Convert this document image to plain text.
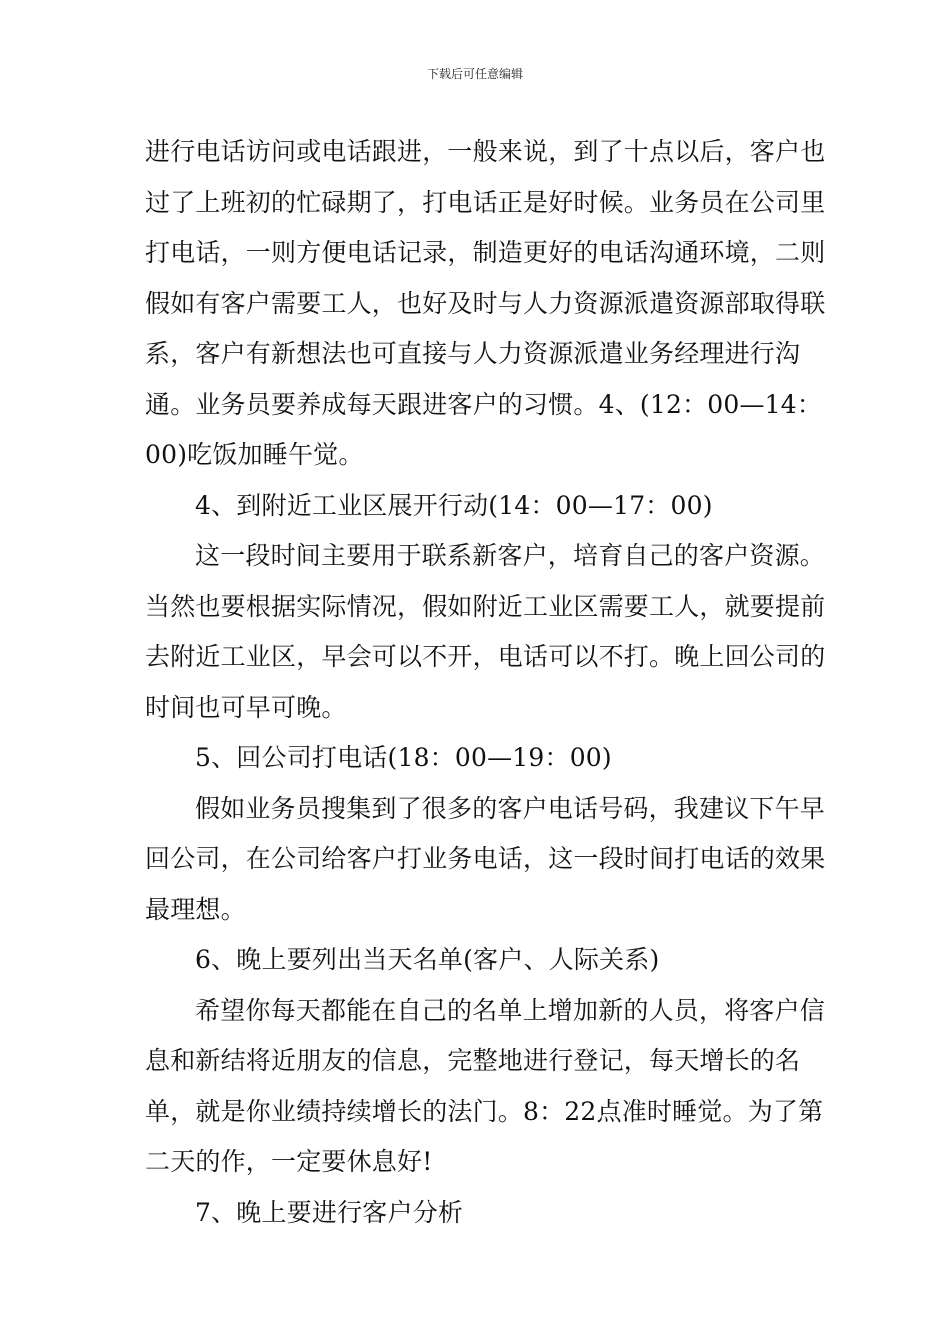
下载后可任意编辑

进行电话访问或电话跟进，一般来说，到了十点以后，客户也过了上班初的忙碌期了，打电话正是好时候。业务员在公司里打电话，一则方便电话记录，制造更好的电话沟通环境，二则假如有客户需要工人，也好及时与人力资源派遣资源部取得联系，客户有新想法也可直接与人力资源派遣业务经理进行沟通。业务员要养成每天跟进客户的习惯。4、(12：00—14：00)吃饭加睡午觉。

4、到附近工业区展开行动(14：00—17：00)

这一段时间主要用于联系新客户，培育自己的客户资源。当然也要根据实际情况，假如附近工业区需要工人，就要提前去附近工业区，早会可以不开，电话可以不打。晚上回公司的时间也可早可晚。

5、回公司打电话(18：00—19：00)

假如业务员搜集到了很多的客户电话号码，我建议下午早回公司，在公司给客户打业务电话，这一段时间打电话的效果最理想。

6、晚上要列出当天名单(客户、人际关系)

希望你每天都能在自己的名单上增加新的人员，将客户信息和新结将近朋友的信息，完整地进行登记，每天增长的名单，就是你业绩持续增长的法门。8：22点准时睡觉。为了第二天的作，一定要休息好!

7、晚上要进行客户分析
